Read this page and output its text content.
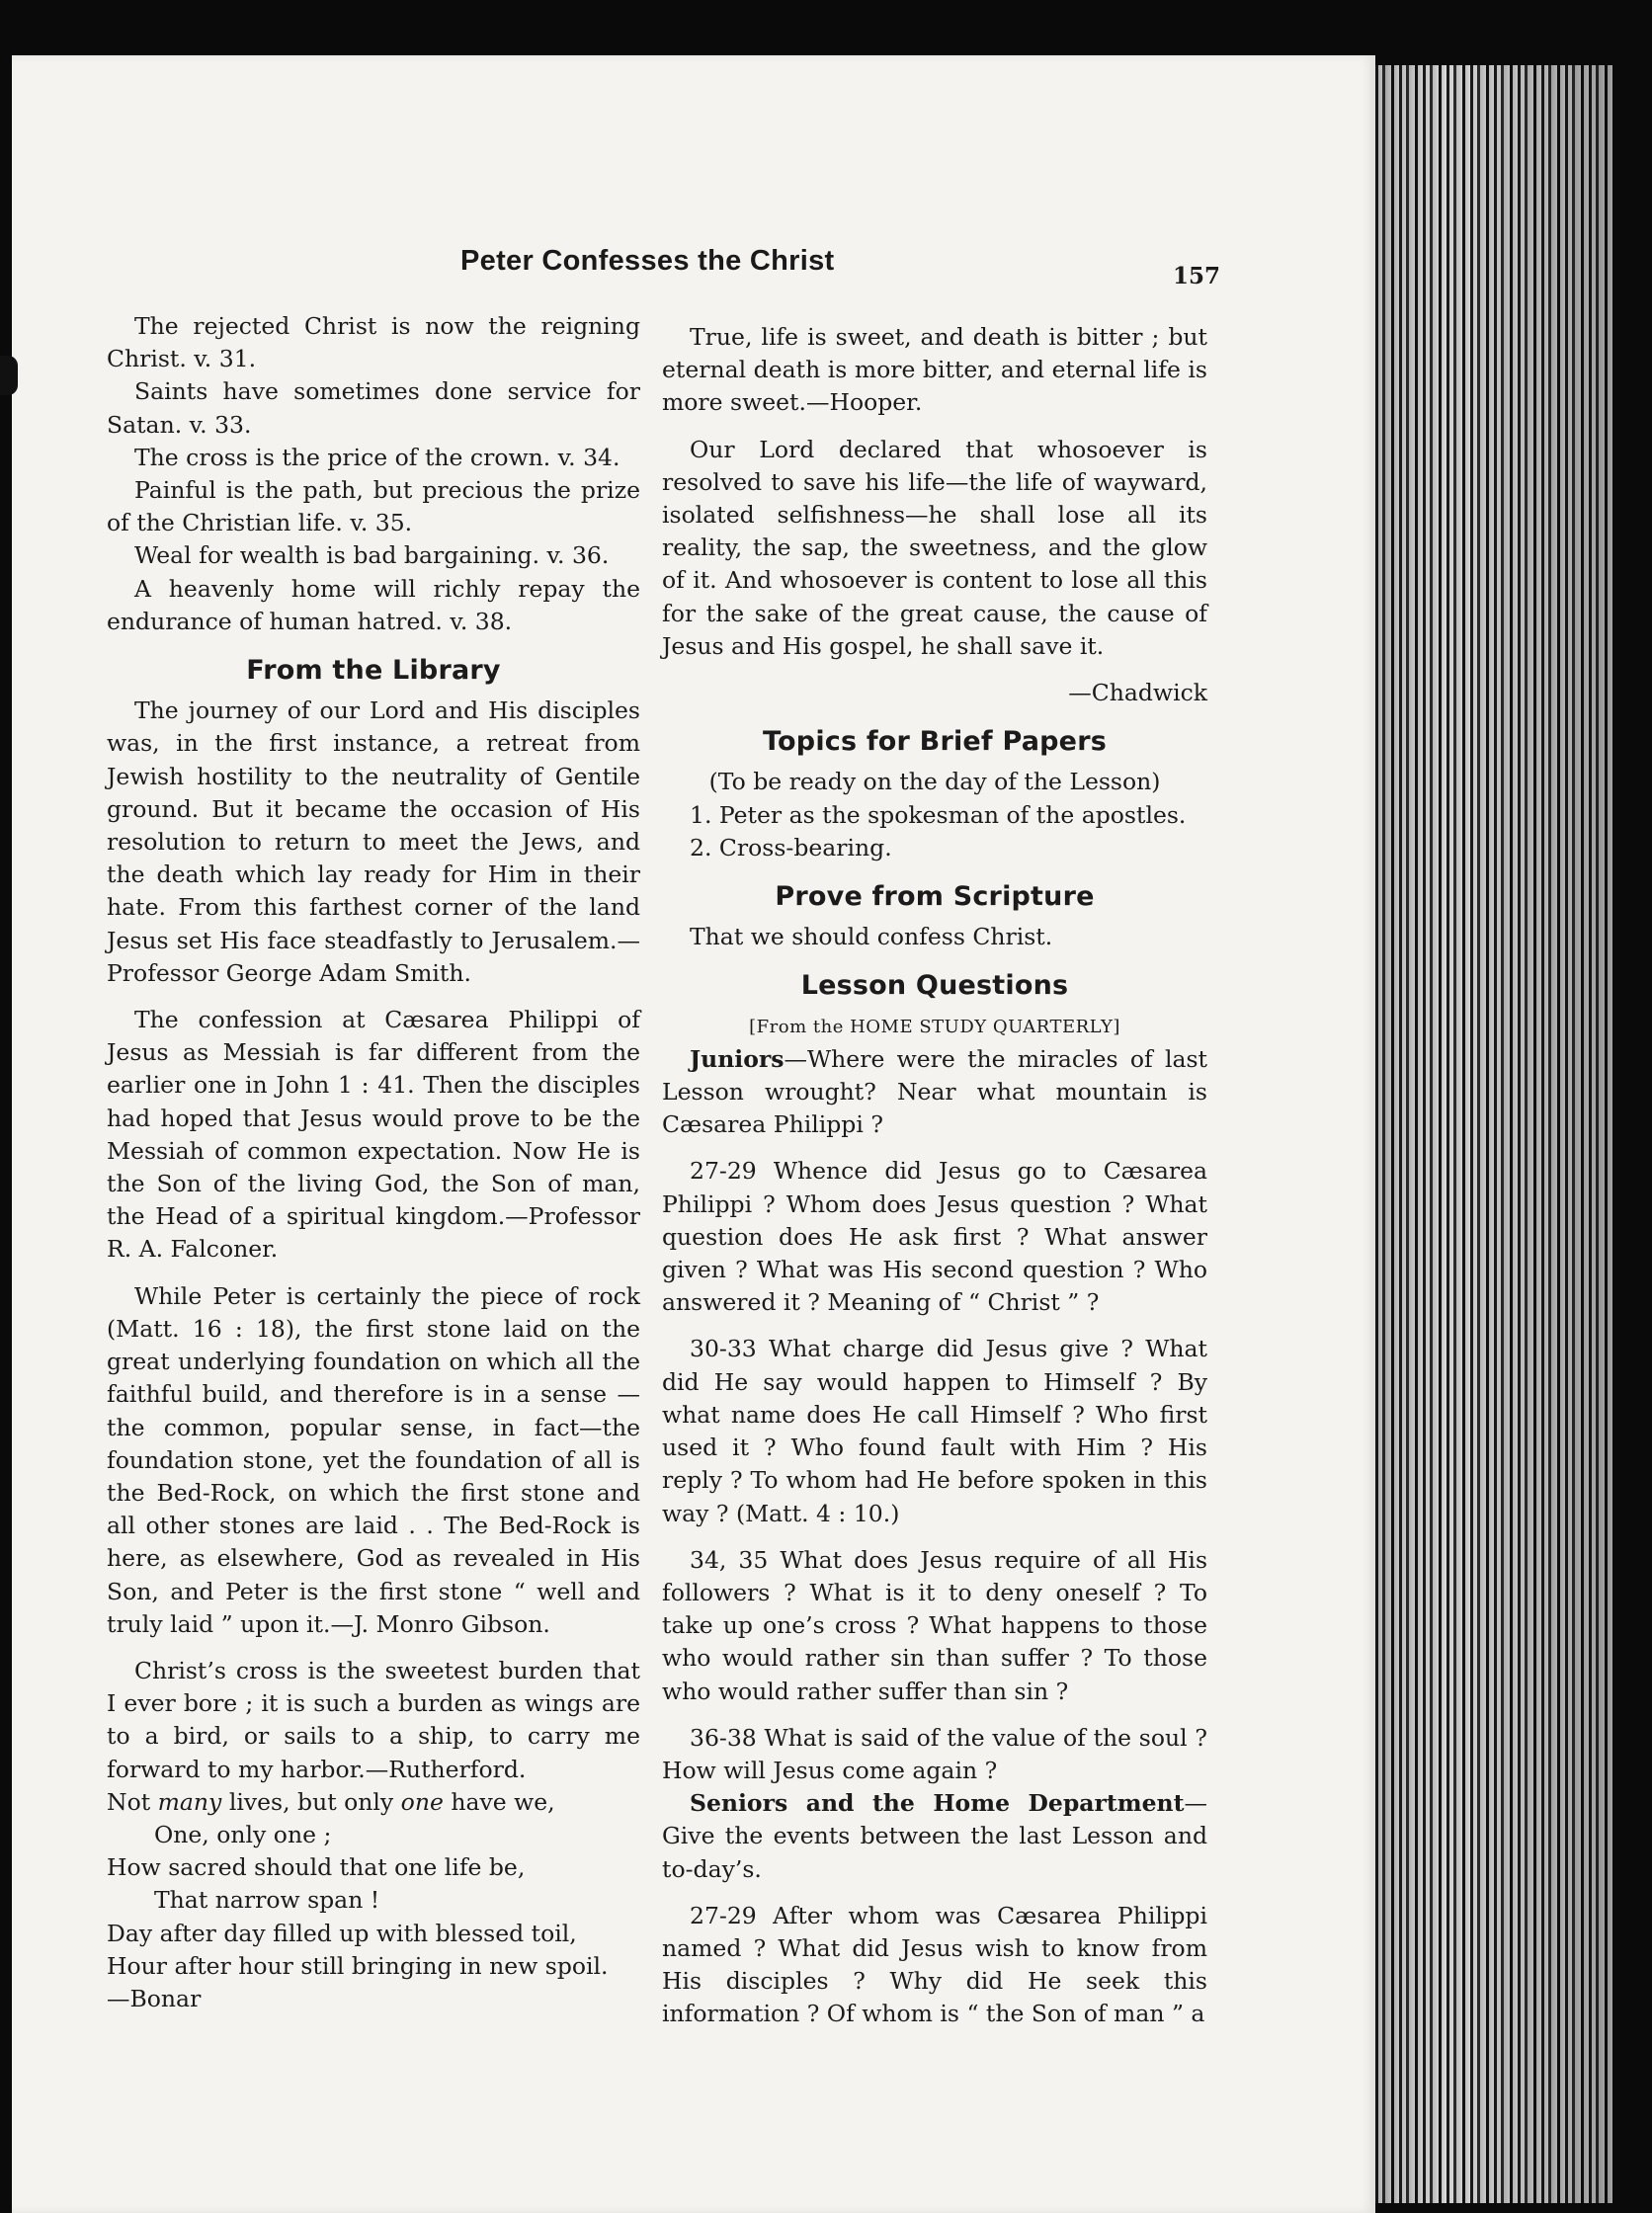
Peter Confesses the Christ	157

The rejected Christ is now the reigning Christ. v. 31.

Saints have sometimes done service for Satan. v. 33.

The cross is the price of the crown. v. 34.

Painful is the path, but precious the prize of the Christian life. v. 35.

Weal for wealth is bad bargaining. v. 36.

A heavenly home will richly repay the endurance of human hatred. v. 38.

From the Library

The journey of our Lord and His disciples was, in the first instance, a retreat from Jewish hostility to the neutrality of Gentile ground. But it became the occasion of His resolution to return to meet the Jews, and the death which lay ready for Him in their hate. From this farthest corner of the land Jesus set His face steadfastly to Jerusalem.—Professor George Adam Smith.

The confession at Cæsarea Philippi of Jesus as Messiah is far different from the earlier one in John 1 : 41. Then the disciples had hoped that Jesus would prove to be the Messiah of common expectation. Now He is the Son of the living God, the Son of man, the Head of a spiritual kingdom.—Professor R. A. Falconer.

While Peter is certainly the piece of rock (Matt. 16 : 18), the first stone laid on the great underlying foundation on which all the faithful build, and therefore is in a sense —the common, popular sense, in fact—the foundation stone, yet the foundation of all is the Bed-Rock, on which the first stone and all other stones are laid . . The Bed-Rock is here, as elsewhere, God as revealed in His Son, and Peter is the first stone “ well and truly laid ” upon it.—J. Monro Gibson.

Christ’s cross is the sweetest burden that I ever bore ; it is such a burden as wings are to a bird, or sails to a ship, to carry me forward to my harbor.—Rutherford.

Not many lives, but only one have we,

One, only one ;

How sacred should that one life be,

That narrow span !

Day after day filled up with blessed toil,

Hour after hour still bringing in new spoil.

—Bonar

True, life is sweet, and death is bitter ; but eternal death is more bitter, and eternal life is more sweet.—Hooper.

Our Lord declared that whosoever is resolved to save his life—the life of wayward, isolated selfishness—he shall lose all its reality, the sap, the sweetness, and the glow of it. And whosoever is content to lose all this for the sake of the great cause, the cause of Jesus and His gospel, he shall save it.

—Chadwick

Topics for Brief Papers

(To be ready on the day of the Lesson)

1. Peter as the spokesman of the apostles.

2. Cross-bearing.

Prove from Scripture

That we should confess Christ.

Lesson Questions

[From the HOME STUDY QUARTERLY]

Juniors—Where were the miracles of last Lesson wrought? Near what mountain is Cæsarea Philippi ?

27-29 Whence did Jesus go to Cæsarea Philippi ? Whom does Jesus question ? What question does He ask first ? What answer given ? What was His second question ? Who answered it ? Meaning of “ Christ ” ?

30-33 What charge did Jesus give ? What did He say would happen to Himself ? By what name does He call Himself ? Who first used it ? Who found fault with Him ? His reply ? To whom had He before spoken in this way ? (Matt. 4 : 10.)

34, 35 What does Jesus require of all His followers ? What is it to deny oneself ? To take up one’s cross ? What happens to those who would rather sin than suffer ? To those who would rather suffer than sin ?

36-38 What is said of the value of the soul ? How will Jesus come again ?

Seniors and the Home Department—Give the events between the last Lesson and to-day’s.

27-29 After whom was Cæsarea Philippi named ? What did Jesus wish to know from His disciples ? Why did He seek this information ? Of whom is “ the Son of man ” a
